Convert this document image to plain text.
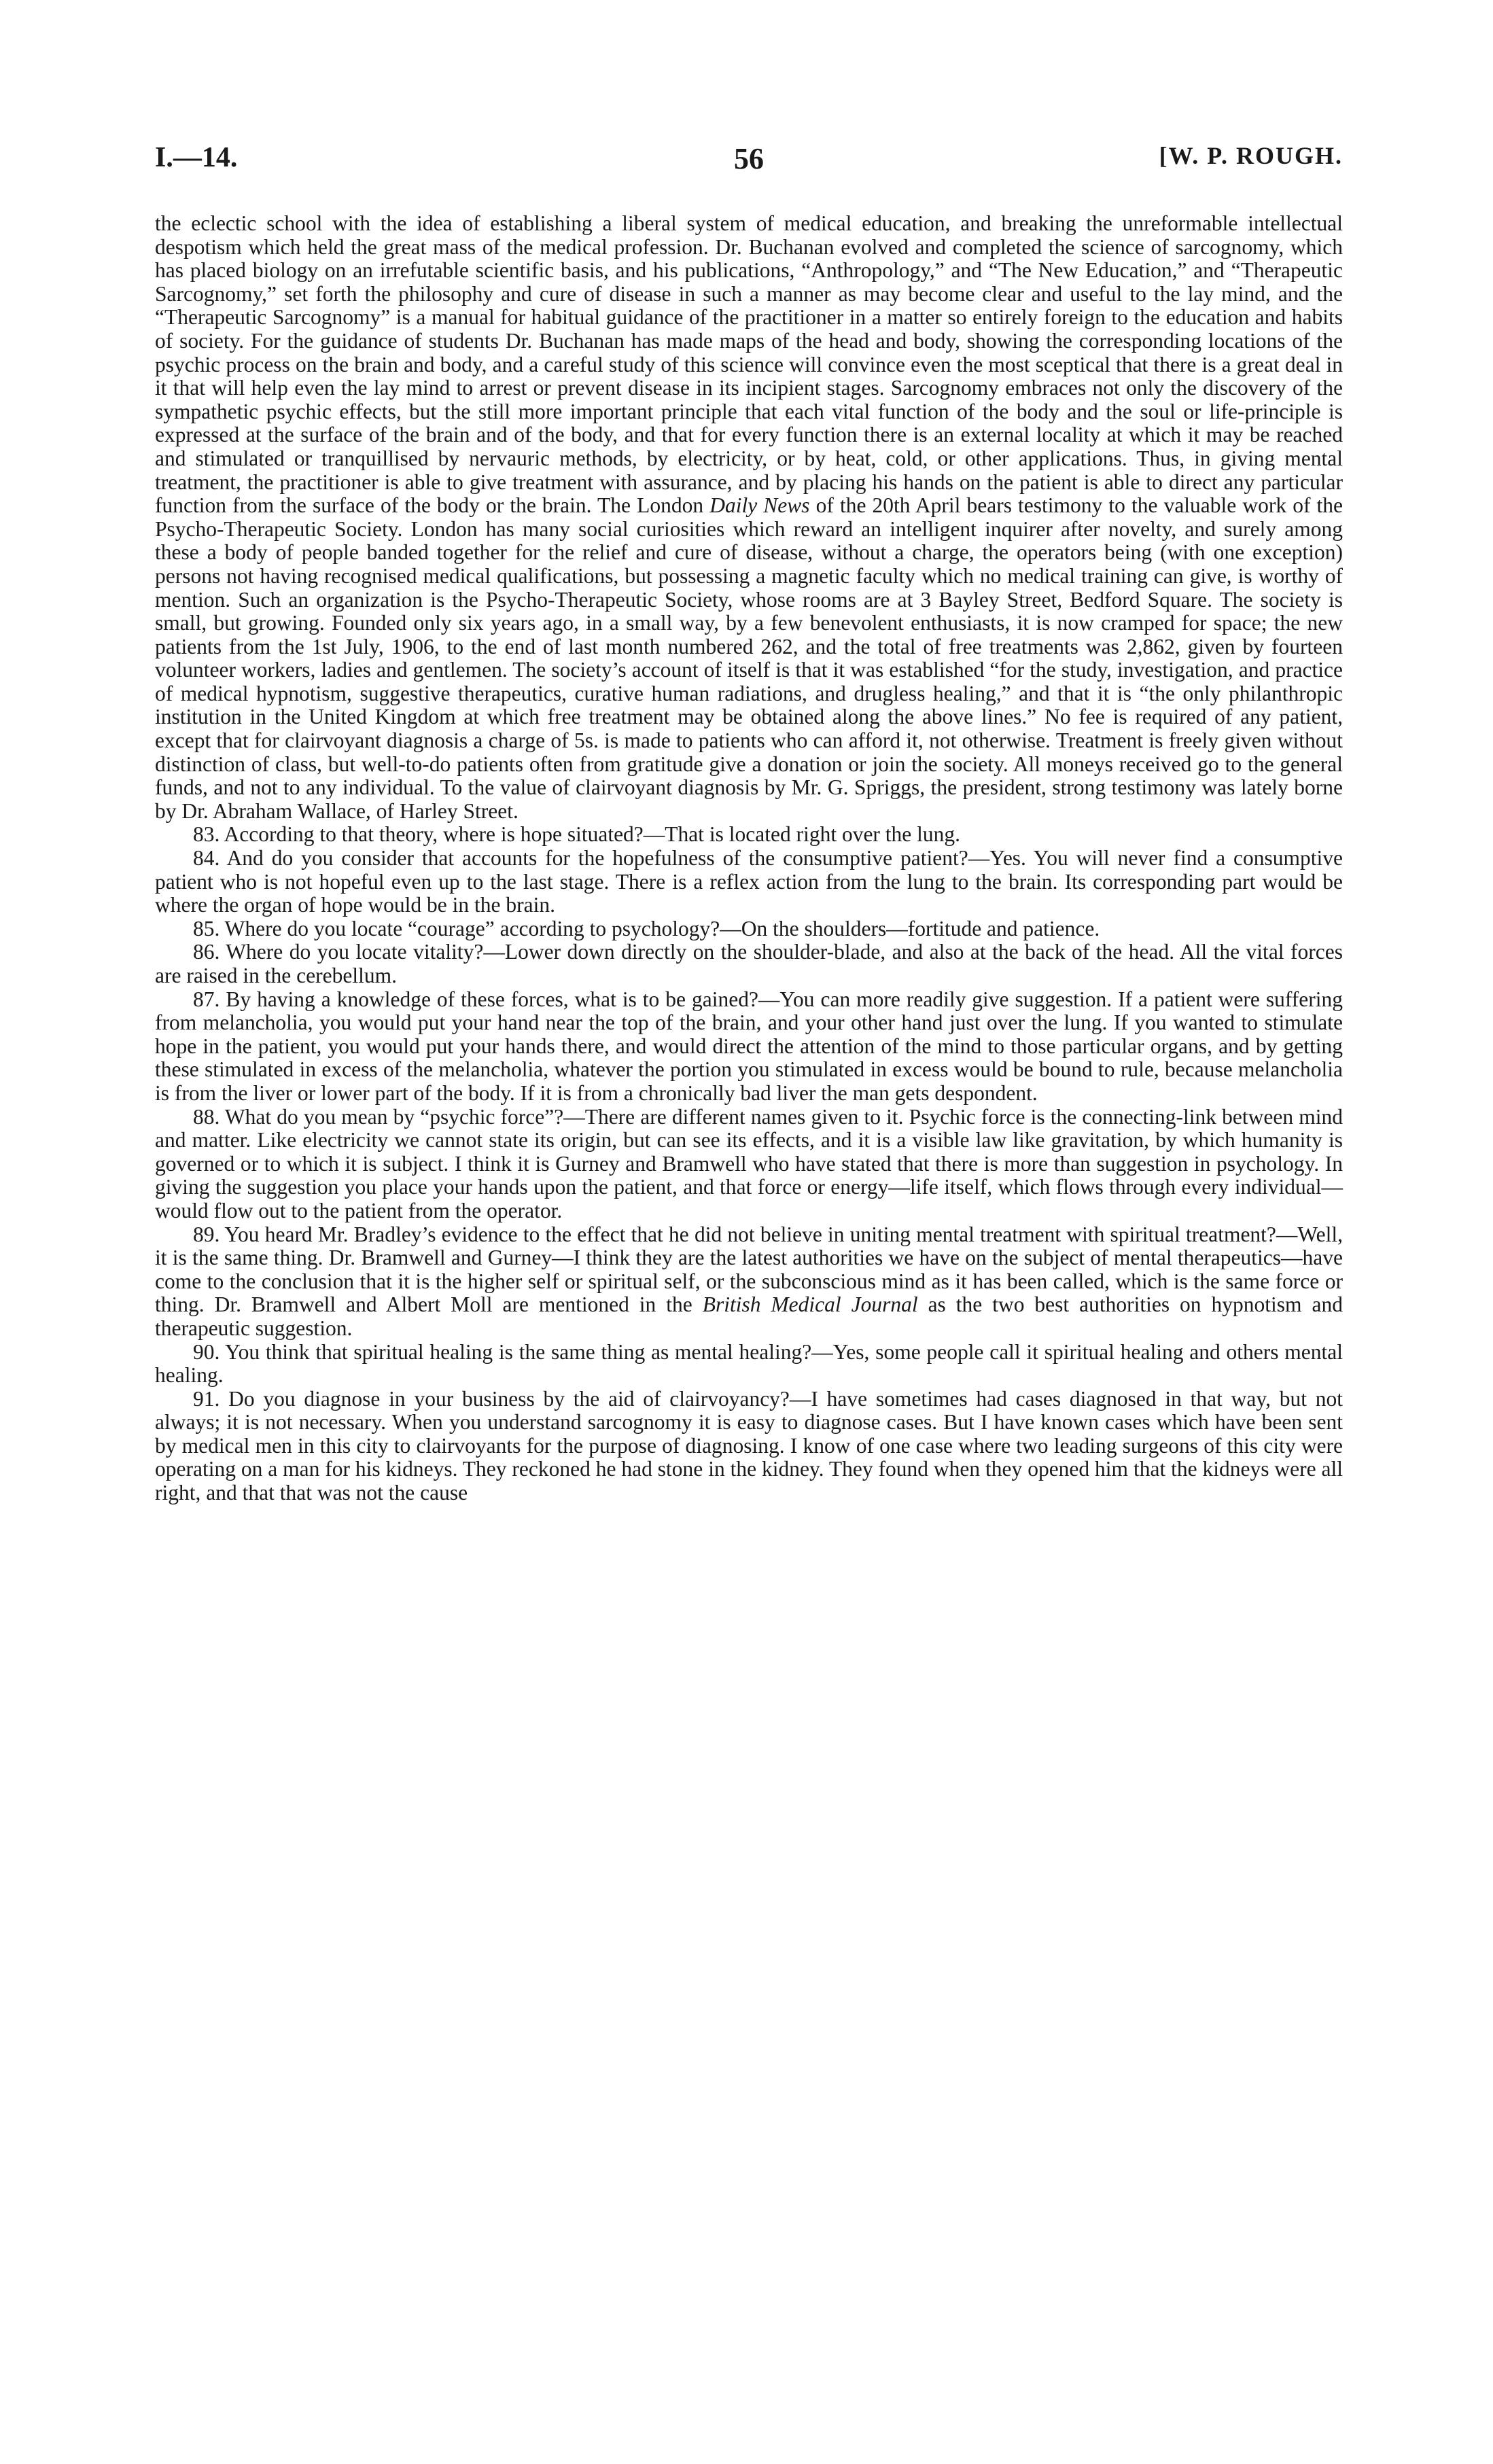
I.—14.	56	[W. P. ROUGH.

the eclectic school with the idea of establishing a liberal system of medical education, and breaking the unreformable intellectual despotism which held the great mass of the medical profession. Dr. Buchanan evolved and completed the science of sarcognomy, which has placed biology on an irrefutable scientific basis, and his publications, “Anthropology,” and “The New Education,” and “Therapeutic Sarcognomy,” set forth the philosophy and cure of disease in such a manner as may become clear and useful to the lay mind, and the “Therapeutic Sarcognomy” is a manual for habitual guidance of the practitioner in a matter so entirely foreign to the education and habits of society. For the guidance of students Dr. Buchanan has made maps of the head and body, showing the corresponding locations of the psychic process on the brain and body, and a careful study of this science will convince even the most sceptical that there is a great deal in it that will help even the lay mind to arrest or prevent disease in its incipient stages. Sarcognomy embraces not only the discovery of the sympathetic psychic effects, but the still more important principle that each vital function of the body and the soul or life-principle is expressed at the surface of the brain and of the body, and that for every function there is an external locality at which it may be reached and stimulated or tranquillised by nervauric methods, by electricity, or by heat, cold, or other applications. Thus, in giving mental treatment, the practitioner is able to give treatment with assurance, and by placing his hands on the patient is able to direct any particular function from the surface of the body or the brain. The London Daily News of the 20th April bears testimony to the valuable work of the Psycho-Therapeutic Society. London has many social curiosities which reward an intelligent inquirer after novelty, and surely among these a body of people banded together for the relief and cure of disease, without a charge, the operators being (with one exception) persons not having recognised medical qualifications, but possessing a magnetic faculty which no medical training can give, is worthy of mention. Such an organization is the Psycho-Therapeutic Society, whose rooms are at 3 Bayley Street, Bedford Square. The society is small, but growing. Founded only six years ago, in a small way, by a few benevolent enthusiasts, it is now cramped for space; the new patients from the 1st July, 1906, to the end of last month numbered 262, and the total of free treatments was 2,862, given by fourteen volunteer workers, ladies and gentlemen. The society’s account of itself is that it was established “for the study, investigation, and practice of medical hypnotism, suggestive therapeutics, curative human radiations, and drugless healing,” and that it is “the only philanthropic institution in the United Kingdom at which free treatment may be obtained along the above lines.” No fee is required of any patient, except that for clairvoyant diagnosis a charge of 5s. is made to patients who can afford it, not otherwise. Treatment is freely given without distinction of class, but well-to-do patients often from gratitude give a donation or join the society. All moneys received go to the general funds, and not to any individual. To the value of clairvoyant diagnosis by Mr. G. Spriggs, the president, strong testimony was lately borne by Dr. Abraham Wallace, of Harley Street.

83. According to that theory, where is hope situated?—That is located right over the lung.

84. And do you consider that accounts for the hopefulness of the consumptive patient?—Yes. You will never find a consumptive patient who is not hopeful even up to the last stage. There is a reflex action from the lung to the brain. Its corresponding part would be where the organ of hope would be in the brain.

85. Where do you locate “courage” according to psychology?—On the shoulders—fortitude and patience.

86. Where do you locate vitality?—Lower down directly on the shoulder-blade, and also at the back of the head. All the vital forces are raised in the cerebellum.

87. By having a knowledge of these forces, what is to be gained?—You can more readily give suggestion. If a patient were suffering from melancholia, you would put your hand near the top of the brain, and your other hand just over the lung. If you wanted to stimulate hope in the patient, you would put your hands there, and would direct the attention of the mind to those particular organs, and by getting these stimulated in excess of the melancholia, whatever the portion you stimulated in excess would be bound to rule, because melancholia is from the liver or lower part of the body. If it is from a chronically bad liver the man gets despondent.

88. What do you mean by “psychic force”?—There are different names given to it. Psychic force is the connecting-link between mind and matter. Like electricity we cannot state its origin, but can see its effects, and it is a visible law like gravitation, by which humanity is governed or to which it is subject. I think it is Gurney and Bramwell who have stated that there is more than suggestion in psychology. In giving the suggestion you place your hands upon the patient, and that force or energy—life itself, which flows through every individual—would flow out to the patient from the operator.

89. You heard Mr. Bradley’s evidence to the effect that he did not believe in uniting mental treatment with spiritual treatment?—Well, it is the same thing. Dr. Bramwell and Gurney—I think they are the latest authorities we have on the subject of mental therapeutics—have come to the conclusion that it is the higher self or spiritual self, or the subconscious mind as it has been called, which is the same force or thing. Dr. Bramwell and Albert Moll are mentioned in the British Medical Journal as the two best authorities on hypnotism and therapeutic suggestion.

90. You think that spiritual healing is the same thing as mental healing?—Yes, some people call it spiritual healing and others mental healing.

91. Do you diagnose in your business by the aid of clairvoyancy?—I have sometimes had cases diagnosed in that way, but not always; it is not necessary. When you understand sarcognomy it is easy to diagnose cases. But I have known cases which have been sent by medical men in this city to clairvoyants for the purpose of diagnosing. I know of one case where two leading surgeons of this city were operating on a man for his kidneys. They reckoned he had stone in the kidney. They found when they opened him that the kidneys were all right, and that that was not the cause
